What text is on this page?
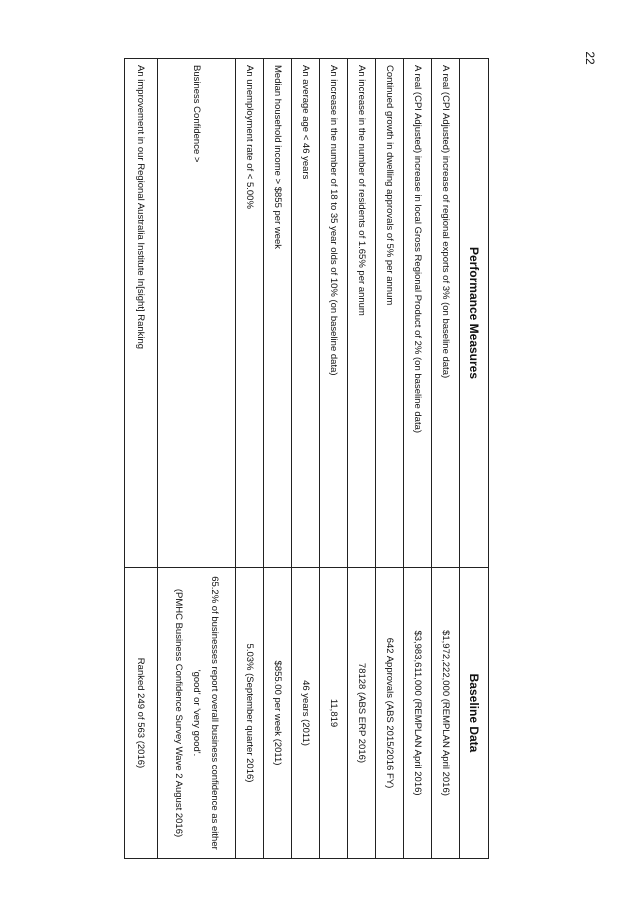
22
Performance Measures	Baseline Data
A real (CPI Adjusted) increase of regional exports of 3% (on baseline data)	$1,972,222,000 (REMPLAN April 2016)
A real (CPI Adjusted) increase in local Gross Regional Product of 2% (on baseline data)	$3,983,611,000 (REMPLAN April 2016)
Continued growth in dwelling approvals of 5% per annum	642 Approvals (ABS 2015/2016 FY)
An increase in the number of residents of 1.65% per annum	78128 (ABS ERP 2016)
An increase in the number of 18 to 35 year olds of 10% (on baseline data)	11,819
An average age < 46 years	46 years (2011)
Median household income > $855 per week	$855.00 per week (2011)
An unemployment rate of < 5.00%	5.03% (September quarter 2016)
Business Confidence >	65.2% of businesses report overall business confidence as either
'good' or 'very good'.
(PMHC Business Confidence Survey Wave 2 August 2016)

An improvement in our Regional Australia Institute In[sight] Ranking	Ranked 249 of 563 (2016)
